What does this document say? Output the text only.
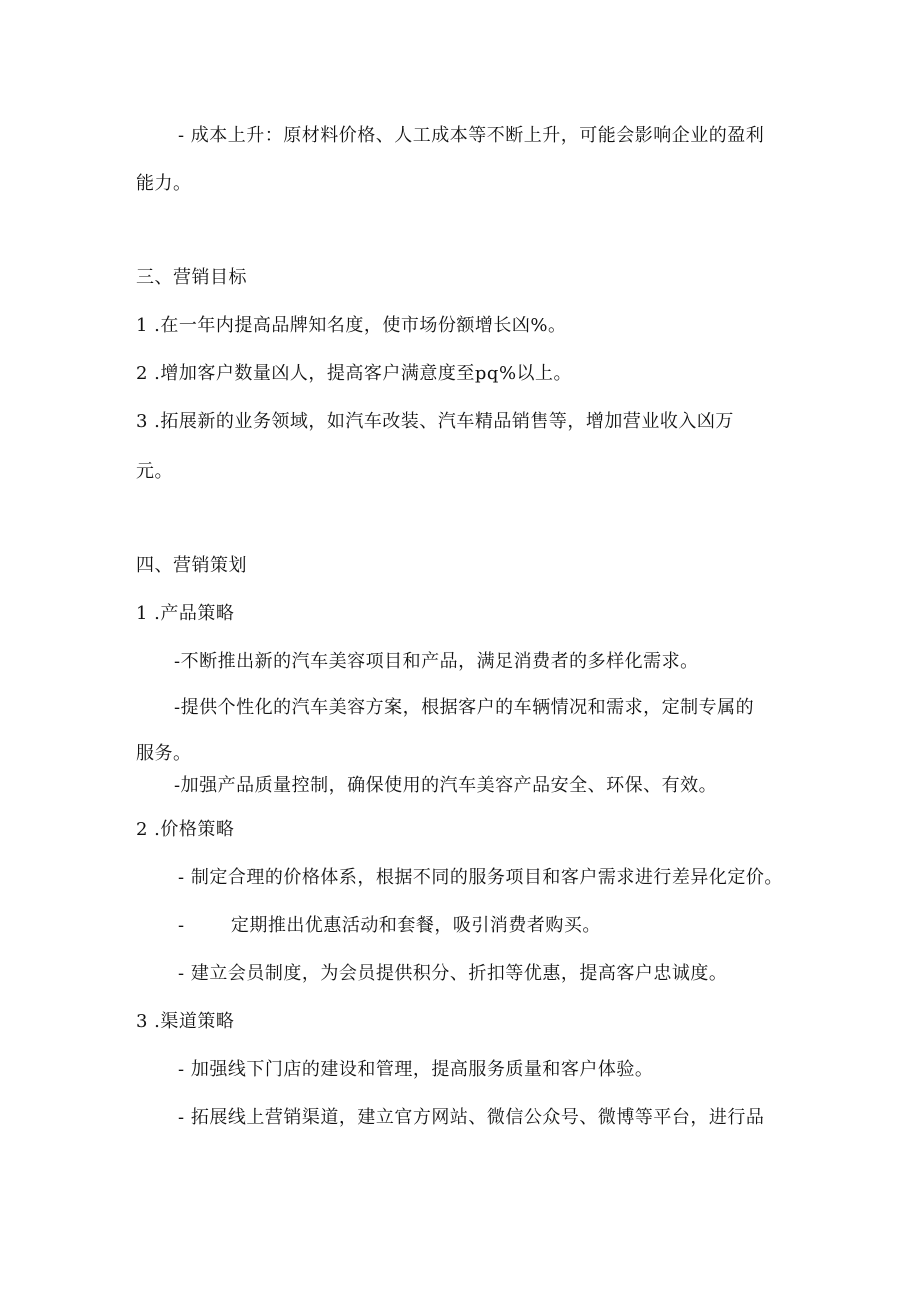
- 成本上升：原材料价格、人工成本等不断上升，可能会影响企业的盈利
能力。
三、营销目标
1 .在一年内提高品牌知名度，使市场份额增长凶%。
2 .增加客户数量凶人，提高客户满意度至pq%以上。
3 .拓展新的业务领域，如汽车改装、汽车精品销售等，增加营业收入凶万
元。
四、营销策划
1 .产品策略
-不断推出新的汽车美容项目和产品，满足消费者的多样化需求。
-提供个性化的汽车美容方案，根据客户的车辆情况和需求，定制专属的
服务。
-加强产品质量控制，确保使用的汽车美容产品安全、环保、有效。
2 .价格策略
- 制定合理的价格体系，根据不同的服务项目和客户需求进行差异化定价。
-	定期推出优惠活动和套餐，吸引消费者购买。
- 建立会员制度，为会员提供积分、折扣等优惠，提高客户忠诚度。
3 .渠道策略
- 加强线下门店的建设和管理，提高服务质量和客户体验。
- 拓展线上营销渠道，建立官方网站、微信公众号、微博等平台，进行品
